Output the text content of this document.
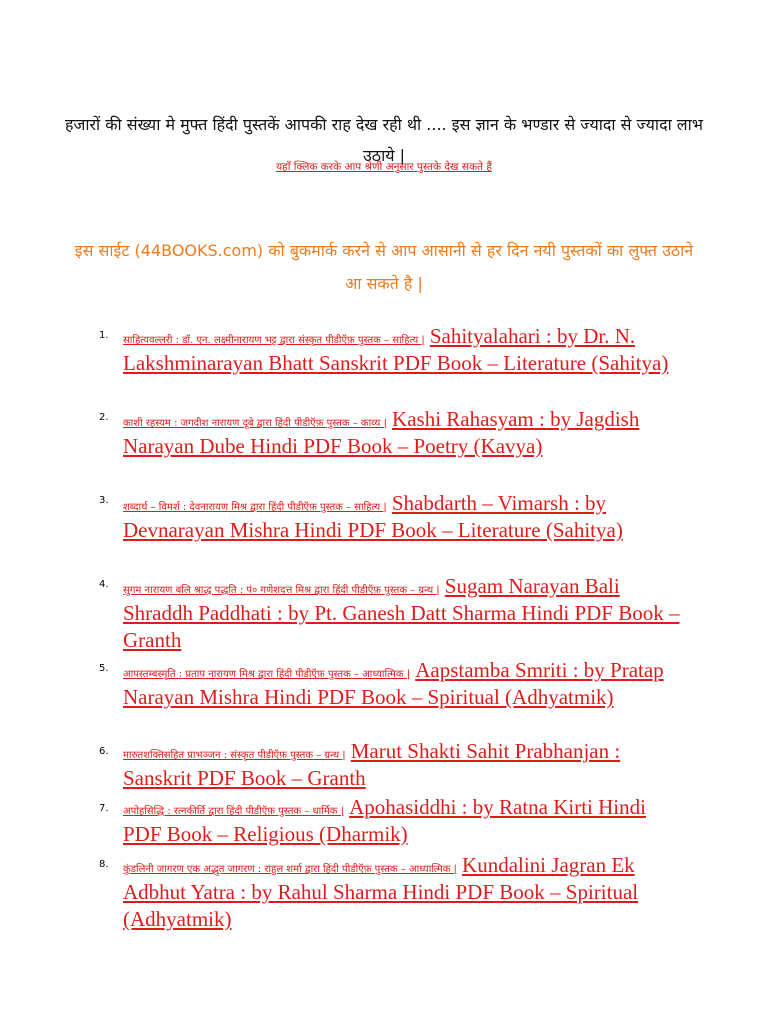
हजारों की संख्या मे मुफ्त हिंदी पुस्तकें आपकी राह देख रही थी .... इस ज्ञान के भण्डार से ज्यादा से ज्यादा लाभ उठाये |

यहाँ क्लिक करके आप श्रेणी अनुसार पुस्तके देख सकते हैं

इस साईट (44BOOKS.com) को बुकमार्क करने से आप आसानी से हर दिन नयी पुस्तकों का लुफ्त उठाने आ सकते है |

1.	साहित्यवल्लरी : डॉ. एन. लक्ष्मीनारायण भट्ट द्वारा संस्कृत पीडीऍफ़ पुस्तक – साहित्य | Sahityalahari : by Dr. N. Lakshminarayan Bhatt Sanskrit PDF Book – Literature (Sahitya)
2.
काशी रहस्यम : जगदीश नारायण दूबे द्वारा हिंदी पीडीऍफ़ पुस्तक – काव्य | Kashi Rahasyam : by Jagdish Narayan Dube Hindi PDF Book – Poetry (Kavya)
3.
शब्दार्थ – विमर्श : देवनारायण मिश्र द्वारा हिंदी पीडीऍफ़ पुस्तक – साहित्य | Shabdarth – Vimarsh : by Devnarayan Mishra Hindi PDF Book – Literature (Sahitya)
4.
सुगम नारायण बलि श्राद्ध पद्धति : पं० गणेशदत्त मिश्र द्वारा हिंदी पीडीऍफ़ पुस्तक – ग्रन्थ | Sugam Narayan Bali Shraddh Paddhati : by Pt. Ganesh Datt Sharma Hindi PDF Book – Granth
5.
आपस्तम्बस्मृति : प्रताप नारायण मिश्र द्वारा हिंदी पीडीऍफ़ पुस्तक – आध्यात्मिक | Aapstamba Smriti : by Pratap Narayan Mishra Hindi PDF Book – Spiritual (Adhyatmik)
6.	मारुतशक्तिसहित प्राभञ्जन : संस्कृत पीडीऍफ़ पुस्तक – ग्रन्थ | Marut Shakti Sahit Prabhanjan : Sanskrit PDF Book – Granth
7.	अपोहसिद्धि : रत्नकीर्ति द्वारा हिंदी पीडीऍफ़ पुस्तक – धार्मिक | Apohasiddhi : by Ratna Kirti Hindi PDF Book – Religious (Dharmik)
8.	कुंडलिनी जागरण एक अद्भुत जागरण : राहुल शर्मा द्वारा हिंदी पीडीऍफ़ पुस्तक – आध्यात्मिक | Kundalini Jagran Ek Adbhut Yatra : by Rahul Sharma Hindi PDF Book – Spiritual (Adhyatmik)
